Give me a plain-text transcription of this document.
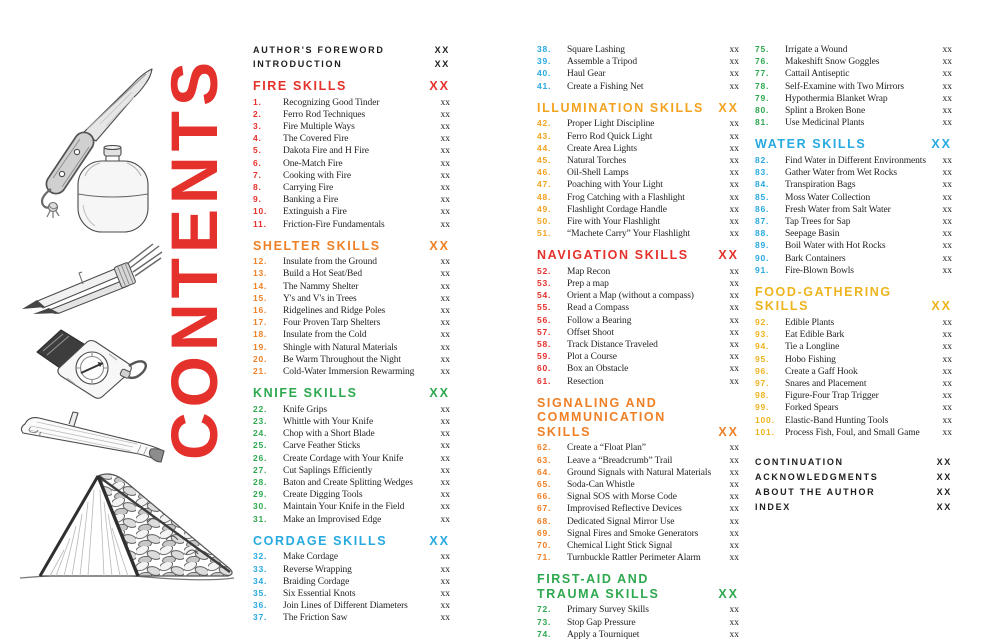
CONTENTS
AUTHOR'S FOREWORD	XX
INTRODUCTION	XX
FIRE SKILLS	XX
1.	Recognizing Good Tinder	xx
2.	Ferro Rod Techniques	xx
3.	Fire Multiple Ways	xx
4.	The Covered Fire	xx
5.	Dakota Fire and H Fire	xx
6.	One-Match Fire	xx
7.	Cooking with Fire	xx
8.	Carrying Fire	xx
9.	Banking a Fire	xx
10.	Extinguish a Fire	xx
11.	Friction-Fire Fundamentals	xx
SHELTER SKILLS	XX
12.	Insulate from the Ground	xx
13.	Build a Hot Seat/Bed	xx
14.	The Nammy Shelter	xx
15.	Y's and V's in Trees	xx
16.	Ridgelines and Ridge Poles	xx
17.	Four Proven Tarp Shelters	xx
18.	Insulate from the Cold	xx
19.	Shingle with Natural Materials	xx
20.	Be Warm Throughout the Night	xx
21.	Cold-Water Immersion Rewarming	xx
KNIFE SKILLS	XX
22.	Knife Grips	xx
23.	Whittle with Your Knife	xx
24.	Chop with a Short Blade	xx
25.	Carve Feather Sticks	xx
26.	Create Cordage with Your Knife	xx
27.	Cut Saplings Efficiently	xx
28.	Baton and Create Splitting Wedges	xx
29.	Create Digging Tools	xx
30.	Maintain Your Knife in the Field	xx
31.	Make an Improvised Edge	xx
CORDAGE SKILLS	XX
32.	Make Cordage	xx
33.	Reverse Wrapping	xx
34.	Braiding Cordage	xx
35.	Six Essential Knots	xx
36.	Join Lines of Different Diameters	xx
37.	The Friction Saw	xx
38.	Square Lashing	xx
39.	Assemble a Tripod	xx
40.	Haul Gear	xx
41.	Create a Fishing Net	xx
ILLUMINATION SKILLS	XX
42.	Proper Light Discipline	xx
43.	Ferro Rod Quick Light	xx
44.	Create Area Lights	xx
45.	Natural Torches	xx
46.	Oil-Shell Lamps	xx
47.	Poaching with Your Light	xx
48.	Frog Catching with a Flashlight	xx
49.	Flashlight Cordage Handle	xx
50.	Fire with Your Flashlight	xx
51.	“Machete Carry” Your Flashlight	xx
NAVIGATION SKILLS	XX
52.	Map Recon	xx
53.	Prep a map	xx
54.	Orient a Map (without a compass)	xx
55.	Read a Compass	xx
56.	Follow a Bearing	xx
57.	Offset Shoot	xx
58.	Track Distance Traveled	xx
59.	Plot a Course	xx
60.	Box an Obstacle	xx
61.	Resection	xx
SIGNALING AND COMMUNICATION SKILLS	XX
62.	Create a “Float Plan”	xx
63.	Leave a “Breadcrumb” Trail	xx
64.	Ground Signals with Natural Materials	xx
65.	Soda-Can Whistle	xx
66.	Signal SOS with Morse Code	xx
67.	Improvised Reflective Devices	xx
68.	Dedicated Signal Mirror Use	xx
69.	Signal Fires and Smoke Generators	xx
70.	Chemical Light Stick Signal	xx
71.	Turnbuckle Rattler Perimeter Alarm	xx
FIRST-AID AND TRAUMA SKILLS	XX
72.	Primary Survey Skills	xx
73.	Stop Gap Pressure	xx
74.	Apply a Tourniquet	xx
75.	Irrigate a Wound	xx
76.	Makeshift Snow Goggles	xx
77.	Cattail Antiseptic	xx
78.	Self-Examine with Two Mirrors	xx
79.	Hypothermia Blanket Wrap	xx
80.	Splint a Broken Bone	xx
81.	Use Medicinal Plants	xx
WATER SKILLS	XX
82.	Find Water in Different Environments	xx
83.	Gather Water from Wet Rocks	xx
84.	Transpiration Bags	xx
85.	Moss Water Collection	xx
86.	Fresh Water from Salt Water	xx
87.	Tap Trees for Sap	xx
88.	Seepage Basin	xx
89.	Boil Water with Hot Rocks	xx
90.	Bark Containers	xx
91.	Fire-Blown Bowls	xx
FOOD-GATHERING SKILLS	XX
92.	Edible Plants	xx
93.	Eat Edible Bark	xx
94.	Tie a Longline	xx
95.	Hobo Fishing	xx
96.	Create a Gaff Hook	xx
97.	Snares and Placement	xx
98.	Figure-Four Trap Trigger	xx
99.	Forked Spears	xx
100.	Elastic-Band Hunting Tools	xx
101.	Process Fish, Foul, and Small Game	xx
CONTINUATION	XX
ACKNOWLEDGMENTS	XX
ABOUT THE AUTHOR	XX
INDEX	XX
